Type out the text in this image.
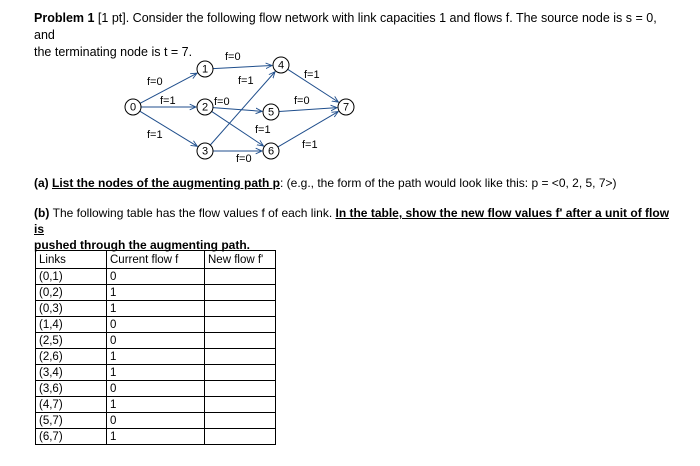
Problem 1 [1 pt]. Consider the following flow network with link capacities 1 and flows f. The source node is s = 0, and
the terminating node is t = 7.
f=0
f=1
f=1
f=0
f=0
f=1
f=1
f=0
f=1
f=0
f=1
0
1
2
3
4
5
6
7
(a) List the nodes of the augmenting path p: (e.g., the form of the path would look like this: p = <0, 2, 5, 7>)
(b) The following table has the flow values f of each link. In the table, show the new flow values f' after a unit of flow is
pushed through the augmenting path.
Links	Current flow f	New flow f'
(0,1)	0	
(0,2)	1	
(0,3)	1	
(1,4)	0	
(2,5)	0	
(2,6)	1	
(3,4)	1	
(3,6)	0	
(4,7)	1	
(5,7)	0	
(6,7)	1	
